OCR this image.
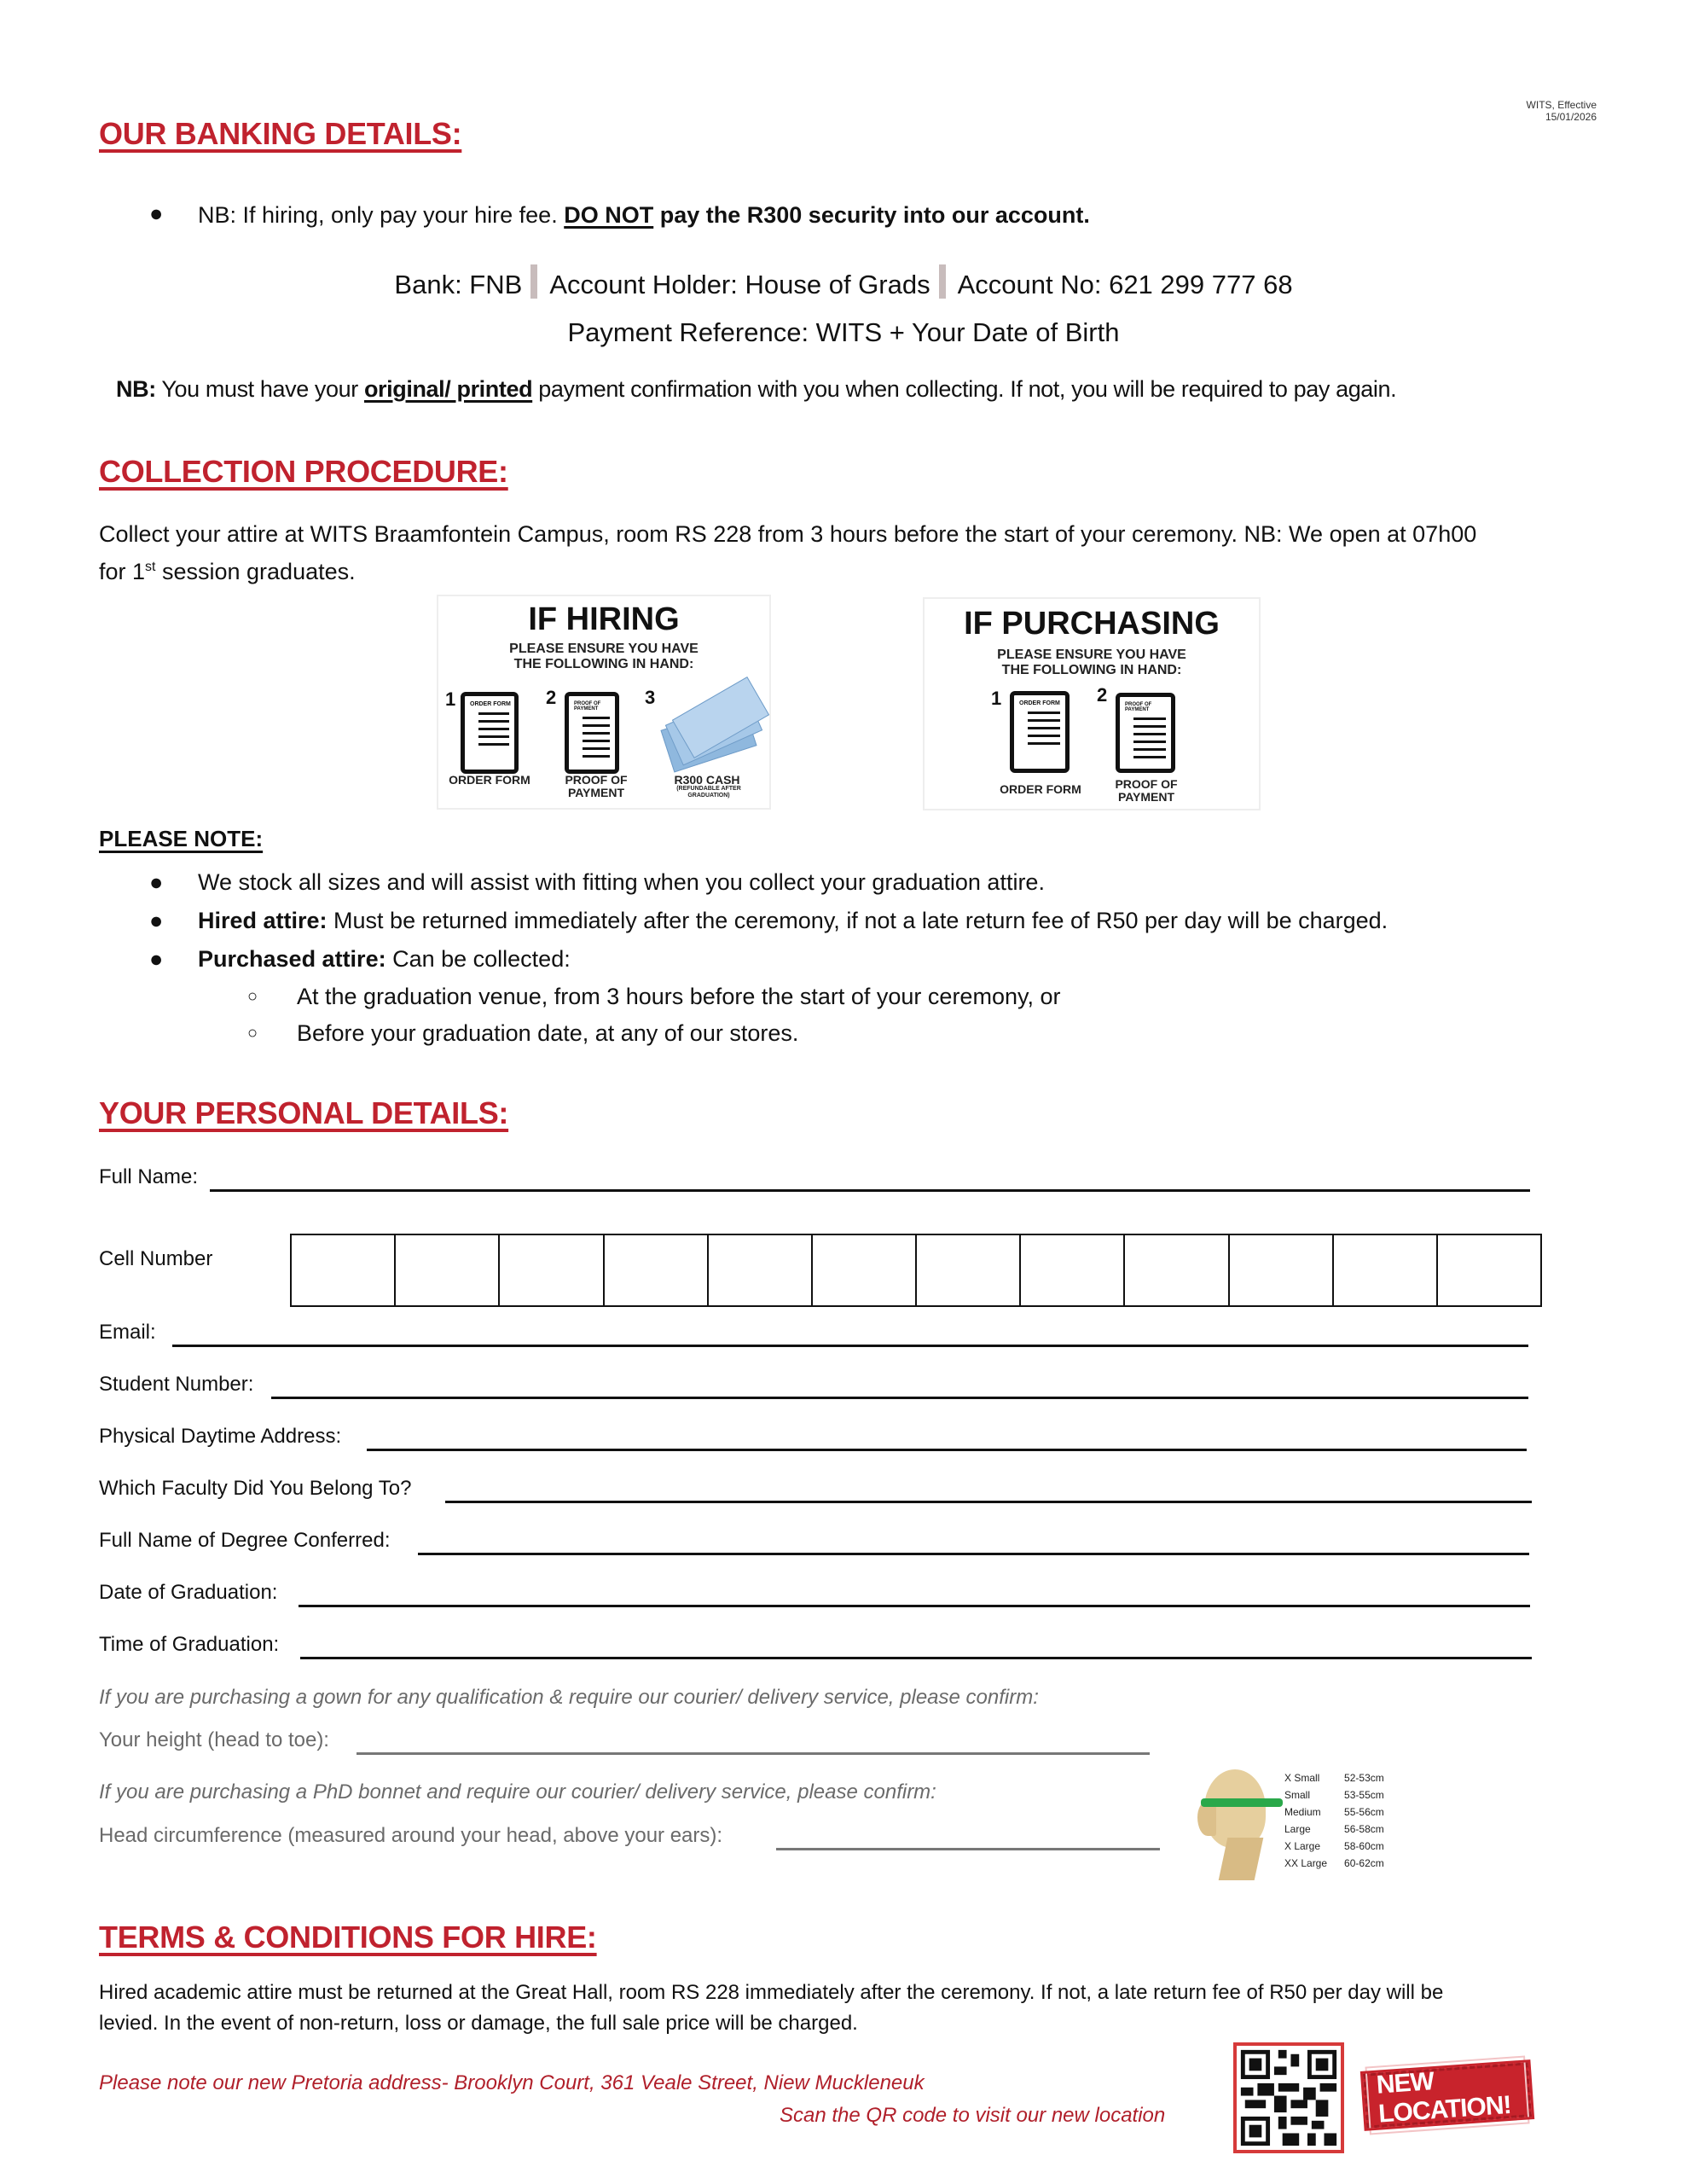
WITS, Effective
15/01/2026
OUR BANKING DETAILS:
● NB: If hiring, only pay your hire fee. DO NOT pay the R300 security into our account.
Bank: FNB Account Holder: House of Grads Account No: 621 299 777 68
Payment Reference: WITS + Your Date of Birth
NB: You must have your original/ printed payment confirmation with you when collecting. If not, you will be required to pay again.
COLLECTION PROCEDURE:
Collect your attire at WITS Braamfontein Campus, room RS 228 from 3 hours before the start of your ceremony. NB: We open at 07h00
for 1st session graduates.
IF HIRING
PLEASE ENSURE YOU HAVE
THE FOLLOWING IN HAND:
1 ORDER FORM 2	PROOF OF PAYMENT
3
ORDER FORM	PROOF OF PAYMENT
R300 CASH
(REFUNDABLE AFTER GRADUATION)
IF PURCHASING
PLEASE ENSURE YOU HAVE
THE FOLLOWING IN HAND:
1	ORDER FORM 2	PROOF OF PAYMENT
ORDER FORM	PROOF OF PAYMENT
PLEASE NOTE:
● We stock all sizes and will assist with fitting when you collect your graduation attire.
● Hired attire: Must be returned immediately after the ceremony, if not a late return fee of R50 per day will be charged.
● Purchased attire: Can be collected:
○ At the graduation venue, from 3 hours before the start of your ceremony, or
○ Before your graduation date, at any of our stores.
YOUR PERSONAL DETAILS:
Full Name:
Cell Number
Email:
Student Number:
Physical Daytime Address:
Which Faculty Did You Belong To?
Full Name of Degree Conferred:
Date of Graduation:
Time of Graduation:
If you are purchasing a gown for any qualification & require our courier/ delivery service, please confirm:
Your height (head to toe):
If you are purchasing a PhD bonnet and require our courier/ delivery service, please confirm:
Head circumference (measured around your head, above your ears):
X Small	52-53cm
Small	53-55cm
Medium	55-56cm
Large	56-58cm
X Large	58-60cm
XX Large	60-62cm
TERMS & CONDITIONS FOR HIRE:
Hired academic attire must be returned at the Great Hall, room RS 228 immediately after the ceremony. If not, a late return fee of R50 per day will be
levied. In the event of non-return, loss or damage, the full sale price will be charged.
Please note our new Pretoria address- Brooklyn Court, 361 Veale Street, Niew Muckleneuk
Scan the QR code to visit our new location
NEW LOCATION!
